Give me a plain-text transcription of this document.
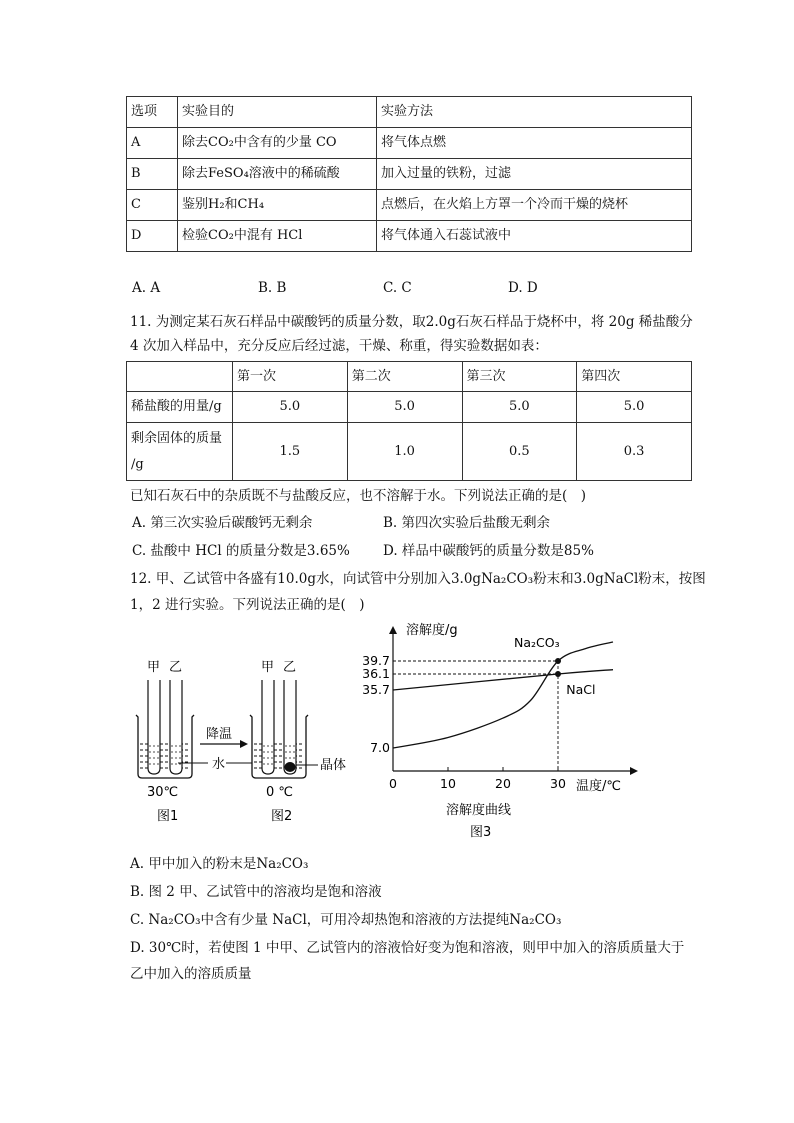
选项	实验目的	实验方法
A	除去CO₂中含有的少量 CO	将气体点燃
B	除去FeSO₄溶液中的稀硫酸	加入过量的铁粉，过滤
C	鉴别H₂和CH₄	点燃后，在火焰上方罩一个冷而干燥的烧杯
D	检验CO₂中混有 HCl	将气体通入石蕊试液中
A. A	B. B	C. C	D. D
11. 为测定某石灰石样品中碳酸钙的质量分数，取2.0g石灰石样品于烧杯中，将 20g 稀盐酸分
4 次加入样品中，充分反应后经过滤，干燥、称重，得实验数据如表：
	第一次	第二次	第三次	第四次
稀盐酸的用量/g	5.0	5.0	5.0	5.0
剩余固体的质量
/g	1.5	1.0	0.5	0.3
已知石灰石中的杂质既不与盐酸反应，也不溶解于水。下列说法正确的是(　)
A. 第三次实验后碳酸钙无剩余	B. 第四次实验后盐酸无剩余
C. 盐酸中 HCl 的质量分数是3.65% D. 样品中碳酸钙的质量分数是85%
12. 甲、乙试管中各盛有10.0g水，向试管中分别加入3.0gNa₂CO₃粉末和3.0gNaCl粉末，按图
1，2 进行实验。下列说法正确的是(　)
甲 乙
30℃
图1
降温
水
甲 乙
晶体
0 ℃
图2
0	10	20	30
7.0
35.7
36.1
39.7
Na₂CO₃
NaCl
溶解度/g
温度/℃
溶解度曲线
图3
A. 甲中加入的粉末是Na₂CO₃
B. 图 2 甲、乙试管中的溶液均是饱和溶液
C. Na₂CO₃中含有少量 NaCl，可用冷却热饱和溶液的方法提纯Na₂CO₃
D. 30℃时，若使图 1 中甲、乙试管内的溶液恰好变为饱和溶液，则甲中加入的溶质质量大于
乙中加入的溶质质量
